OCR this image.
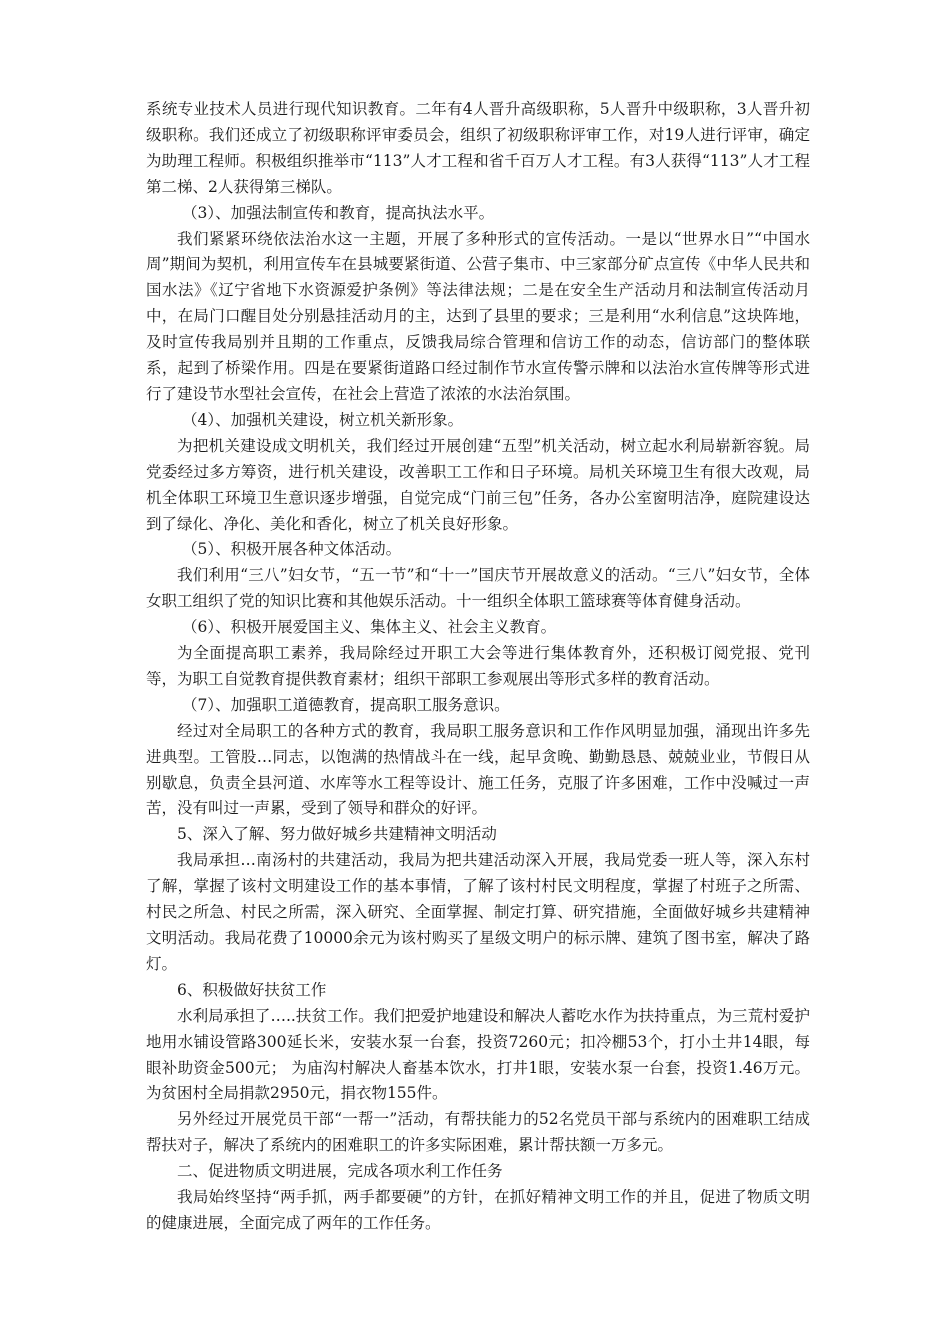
系统专业技术人员进行现代知识教育。二年有4人晋升高级职称，5人晋升中级职称，3人晋升初级职称。我们还成立了初级职称评审委员会，组织了初级职称评审工作，对19人进行评审，确定为助理工程师。积极组织推举市“113”人才工程和省千百万人才工程。有3人获得“113”人才工程第二梯、2人获得第三梯队。

（3）、加强法制宣传和教育，提高执法水平。

我们紧紧环绕依法治水这一主题，开展了多种形式的宣传活动。一是以“世界水日”“中国水周”期间为契机，利用宣传车在县城要紧街道、公营子集市、中三家部分矿点宣传《中华人民共和国水法》《辽宁省地下水资源爱护条例》等法律法规；二是在安全生产活动月和法制宣传活动月中，在局门口醒目处分别悬挂活动月的主，达到了县里的要求；三是利用“水利信息”这块阵地，及时宣传我局别并且期的工作重点，反馈我局综合管理和信访工作的动态，信访部门的整体联系，起到了桥梁作用。四是在要紧街道路口经过制作节水宣传警示牌和以法治水宣传牌等形式进行了建设节水型社会宣传，在社会上营造了浓浓的水法治氛围。

（4）、加强机关建设，树立机关新形象。

为把机关建设成文明机关，我们经过开展创建“五型”机关活动，树立起水利局崭新容貌。局党委经过多方筹资，进行机关建设，改善职工工作和日子环境。局机关环境卫生有很大改观，局机全体职工环境卫生意识逐步增强，自觉完成“门前三包”任务，各办公室窗明洁净，庭院建设达到了绿化、净化、美化和香化，树立了机关良好形象。

（5）、积极开展各种文体活动。

我们利用“三八”妇女节，“五一节”和“十一”国庆节开展故意义的活动。“三八”妇女节，全体女职工组织了党的知识比赛和其他娱乐活动。十一组织全体职工篮球赛等体育健身活动。

（6）、积极开展爱国主义、集体主义、社会主义教育。

为全面提高职工素养，我局除经过开职工大会等进行集体教育外，还积极订阅党报、党刊等，为职工自觉教育提供教育素材；组织干部职工参观展出等形式多样的教育活动。

（7）、加强职工道德教育，提高职工服务意识。

经过对全局职工的各种方式的教育，我局职工服务意识和工作作风明显加强，涌现出许多先进典型。工管股…同志，以饱满的热情战斗在一线，起早贪晚、勤勤恳恳、兢兢业业，节假日从别歇息，负责全县河道、水库等水工程等设计、施工任务，克服了许多困难，工作中没喊过一声苦，没有叫过一声累，受到了领导和群众的好评。

5、深入了解、努力做好城乡共建精神文明活动

我局承担…南汤村的共建活动，我局为把共建活动深入开展，我局党委一班人等，深入东村了解，掌握了该村文明建设工作的基本事情，了解了该村村民文明程度，掌握了村班子之所需、村民之所急、村民之所需，深入研究、全面掌握、制定打算、研究措施，全面做好城乡共建精神文明活动。我局花费了10000余元为该村购买了星级文明户的标示牌、建筑了图书室，解决了路灯。

6、积极做好扶贫工作

水利局承担了…..扶贫工作。我们把爱护地建设和解决人蓄吃水作为扶持重点，为三荒村爱护地用水铺设管路300延长米，安装水泵一台套，投资7260元；扣冷棚53个，打小土井14眼，每眼补助资金500元； 为庙沟村解决人畜基本饮水，打井1眼，安装水泵一台套，投资1.46万元。为贫困村全局捐款2950元，捐衣物155件。

另外经过开展党员干部“一帮一”活动，有帮扶能力的52名党员干部与系统内的困难职工结成帮扶对子，解决了系统内的困难职工的许多实际困难，累计帮扶额一万多元。

二、促进物质文明进展，完成各项水利工作任务

我局始终坚持“两手抓，两手都要硬”的方针，在抓好精神文明工作的并且，促进了物质文明的健康进展，全面完成了两年的工作任务。
